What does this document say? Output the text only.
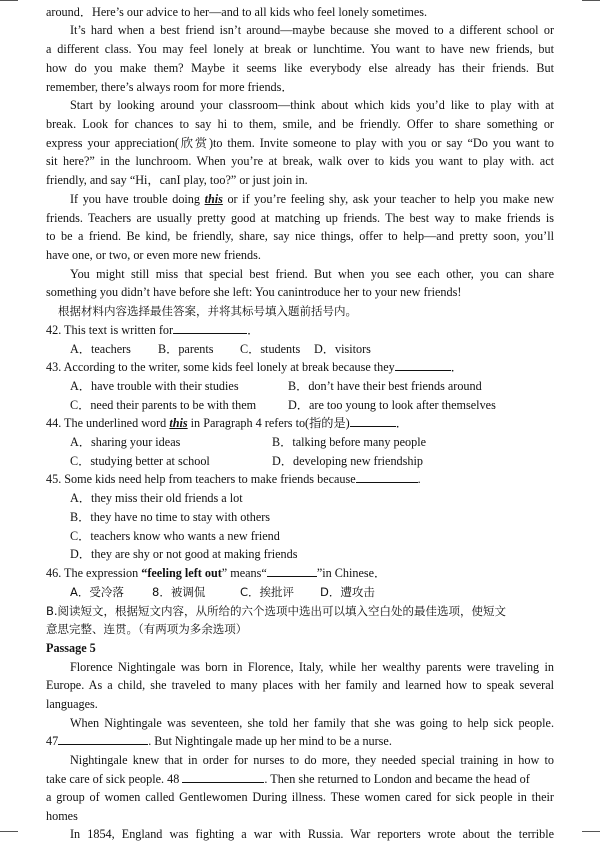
around．Here’s our advice to her—and to all kids who feel lonely sometimes.
It’s hard when a best friend isn’t around—maybe because she moved to a different school or
a different class. You may feel lonely at break or lunchtime. You want to have new friends, but
how do you make them? Maybe it seems like everybody else already has their friends. But
remember, there’s always room for more friends．
Start by looking around your classroom—think about which kids you’d like to play with at
break. Look for chances to say hi to them, smile, and be friendly. Offer to share something or
express your appreciation(欣赏)to them. Invite someone to play with you or say “Do you want to
sit here?” in the lunchroom. When you’re at break, walk over to kids you want to play with. act
friendly, and say “Hi，canI play, too?” or just join in.
If you have trouble doing this or if you’re feeling shy, ask your teacher to help you make new
friends. Teachers are usually pretty good at matching up friends. The best way to make friends is
to be a friend. Be kind, be friendly, share, say nice things, offer to help—and pretty soon, you’ll
have one, or two, or even more new friends.
You might still miss that special best friend. But when you see each other, you can share
something you didn’t have before she left: You canintroduce her to your new friends!
根据材料内容选择最佳答案，并将其标号填入题前括号内。
42. This text is written for	．
A．teachers B．parents C．students D．visitors
43. According to the writer, some kids feel lonely at break because they	．
A．have trouble with their studies	B．don’t have their best friends around
C．need their parents to be with them	D．are too young to look after themselves
44. The underlined word this in Paragraph 4 refers to(指的是)	．
A．sharing your ideas	B．talking before many people
C．studying better at school	D．developing new friendship
45. Some kids need help from teachers to make friends because	.
A．they miss their old friends a lot
B．they have no time to stay with others
C．teachers know who wants a new friend
D．they are shy or not good at making friends
46. The expression “feeling left out” means“	”in Chinese．
A．受冷落 8．被调侃	C．挨批评 D．遭攻击
B.阅读短文，根据短文内容，从所给的六个选项中选出可以填入空白处的最佳选项，使短文
意思完整、连贯。（有两项为多余选项）
Passage 5
Florence Nightingale was born in Florence, Italy, while her wealthy parents were traveling in
Europe. As a child, she traveled to many places with her family and learned how to speak several
languages.
When Nightingale was seventeen, she told her family that she was going to help sick people.
47	. But Nightingale made up her mind to be a nurse.
Nightingale knew that in order for nurses to do more, they needed special training in how to
take care of sick people. 48	. Then she returned to London and became the head of
a group of women called Gentlewomen During illness. These women cared for sick people in their
homes
In 1854, England was fighting a war with Russia. War reporters wrote about the terrible
